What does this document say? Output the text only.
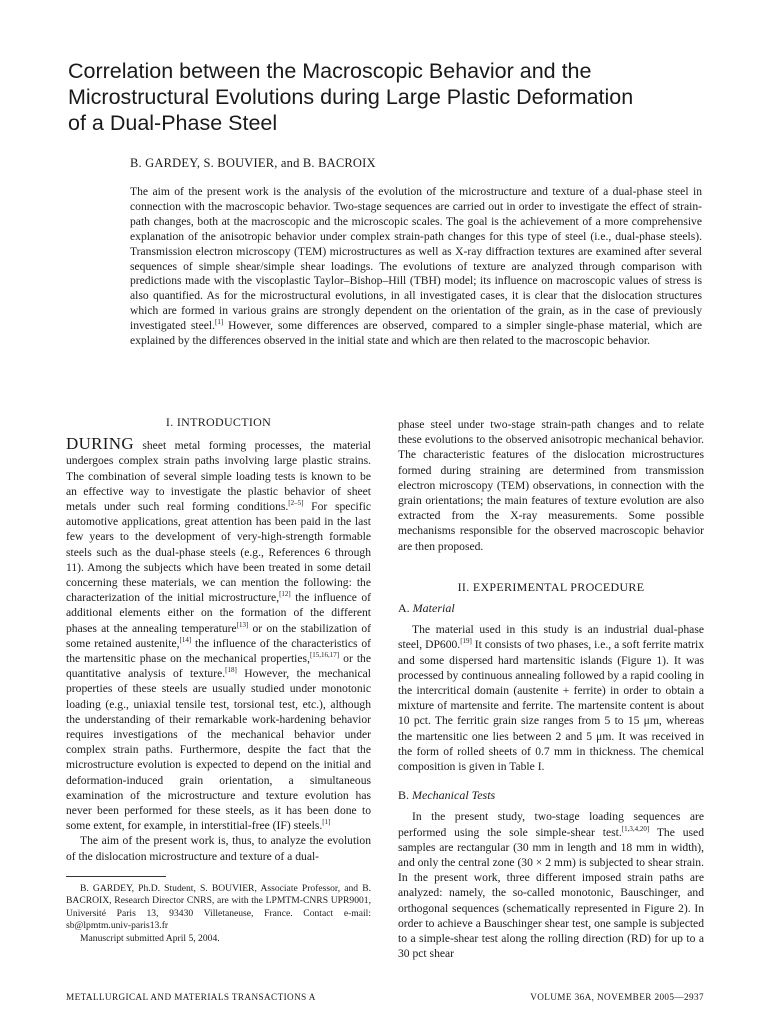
Correlation between the Macroscopic Behavior and the
Microstructural Evolutions during Large Plastic Deformation
of a Dual-Phase Steel
B. GARDEY, S. BOUVIER, and B. BACROIX
The aim of the present work is the analysis of the evolution of the microstructure and texture of a dual-phase steel in connection with the macroscopic behavior. Two-stage sequences are carried out in order to investigate the effect of strain-path changes, both at the macroscopic and the microscopic scales. The goal is the achievement of a more comprehensive explanation of the anisotropic behavior under complex strain-path changes for this type of steel (i.e., dual-phase steels). Transmission electron microscopy (TEM) microstructures as well as X-ray diffraction textures are examined after several sequences of simple shear/simple shear loadings. The evolutions of texture are analyzed through comparison with predictions made with the viscoplastic Taylor–Bishop–Hill (TBH) model; its influence on macroscopic values of stress is also quantified. As for the microstructural evolutions, in all investigated cases, it is clear that the dislocation structures which are formed in various grains are strongly dependent on the orientation of the grain, as in the case of previously investigated steel.[1] However, some differences are observed, compared to a simpler single-phase material, which are explained by the differences observed in the initial state and which are then related to the macroscopic behavior.
I. INTRODUCTION

DURING sheet metal forming processes, the material undergoes complex strain paths involving large plastic strains. The combination of several simple loading tests is known to be an effective way to investigate the plastic behavior of sheet metals under such real forming conditions.[2–5] For specific automotive applications, great attention has been paid in the last few years to the development of very-high-strength formable steels such as the dual-phase steels (e.g., References 6 through 11). Among the subjects which have been treated in some detail concerning these materials, we can mention the following: the characterization of the initial microstructure,[12] the influence of additional elements either on the formation of the different phases at the annealing temperature[13] or on the stabilization of some retained austenite,[14] the influence of the characteristics of the martensitic phase on the mechanical properties,[15,16,17] or the quantitative analysis of texture.[18] However, the mechanical properties of these steels are usually studied under monotonic loading (e.g., uniaxial tensile test, torsional test, etc.), although the understanding of their remarkable work-hardening behavior requires investigations of the mechanical behavior under complex strain paths. Furthermore, despite the fact that the microstructure evolution is expected to depend on the initial and deformation-induced grain orientation, a simultaneous examination of the microstructure and texture evolution has never been performed for these steels, as it has been done to some extent, for example, in interstitial-free (IF) steels.[1]

The aim of the present work is, thus, to analyze the evolution of the dislocation microstructure and texture of a dual-

B. GARDEY, Ph.D. Student, S. BOUVIER, Associate Professor, and B. BACROIX, Research Director CNRS, are with the LPMTM-CNRS UPR9001, Université Paris 13, 93430 Villetaneuse, France. Contact e-mail: sb@lpmtm.univ-paris13.fr

Manuscript submitted April 5, 2004.

phase steel under two-stage strain-path changes and to relate these evolutions to the observed anisotropic mechanical behavior. The characteristic features of the dislocation microstructures formed during straining are determined from transmission electron microscopy (TEM) observations, in connection with the grain orientations; the main features of texture evolution are also extracted from the X-ray measurements. Some possible mechanisms responsible for the observed macroscopic behavior are then proposed.

II. EXPERIMENTAL PROCEDURE
A. Material

The material used in this study is an industrial dual-phase steel, DP600.[19] It consists of two phases, i.e., a soft ferrite matrix and some dispersed hard martensitic islands (Figure 1). It was processed by continuous annealing followed by a rapid cooling in the intercritical domain (austenite + ferrite) in order to obtain a mixture of martensite and ferrite. The martensite content is about 10 pct. The ferritic grain size ranges from 5 to 15 μm, whereas the martensitic one lies between 2 and 5 μm. It was received in the form of rolled sheets of 0.7 mm in thickness. The chemical composition is given in Table I.

B. Mechanical Tests

In the present study, two-stage loading sequences are performed using the sole simple-shear test.[1,3,4,20] The used samples are rectangular (30 mm in length and 18 mm in width), and only the central zone (30 × 2 mm) is subjected to shear strain. In the present work, three different imposed strain paths are analyzed: namely, the so-called monotonic, Bauschinger, and orthogonal sequences (schematically represented in Figure 2). In order to achieve a Bauschinger shear test, one sample is subjected to a simple-shear test along the rolling direction (RD) for up to a 30 pct shear

METALLURGICAL AND MATERIALS TRANSACTIONS A	VOLUME 36A, NOVEMBER 2005—2937
